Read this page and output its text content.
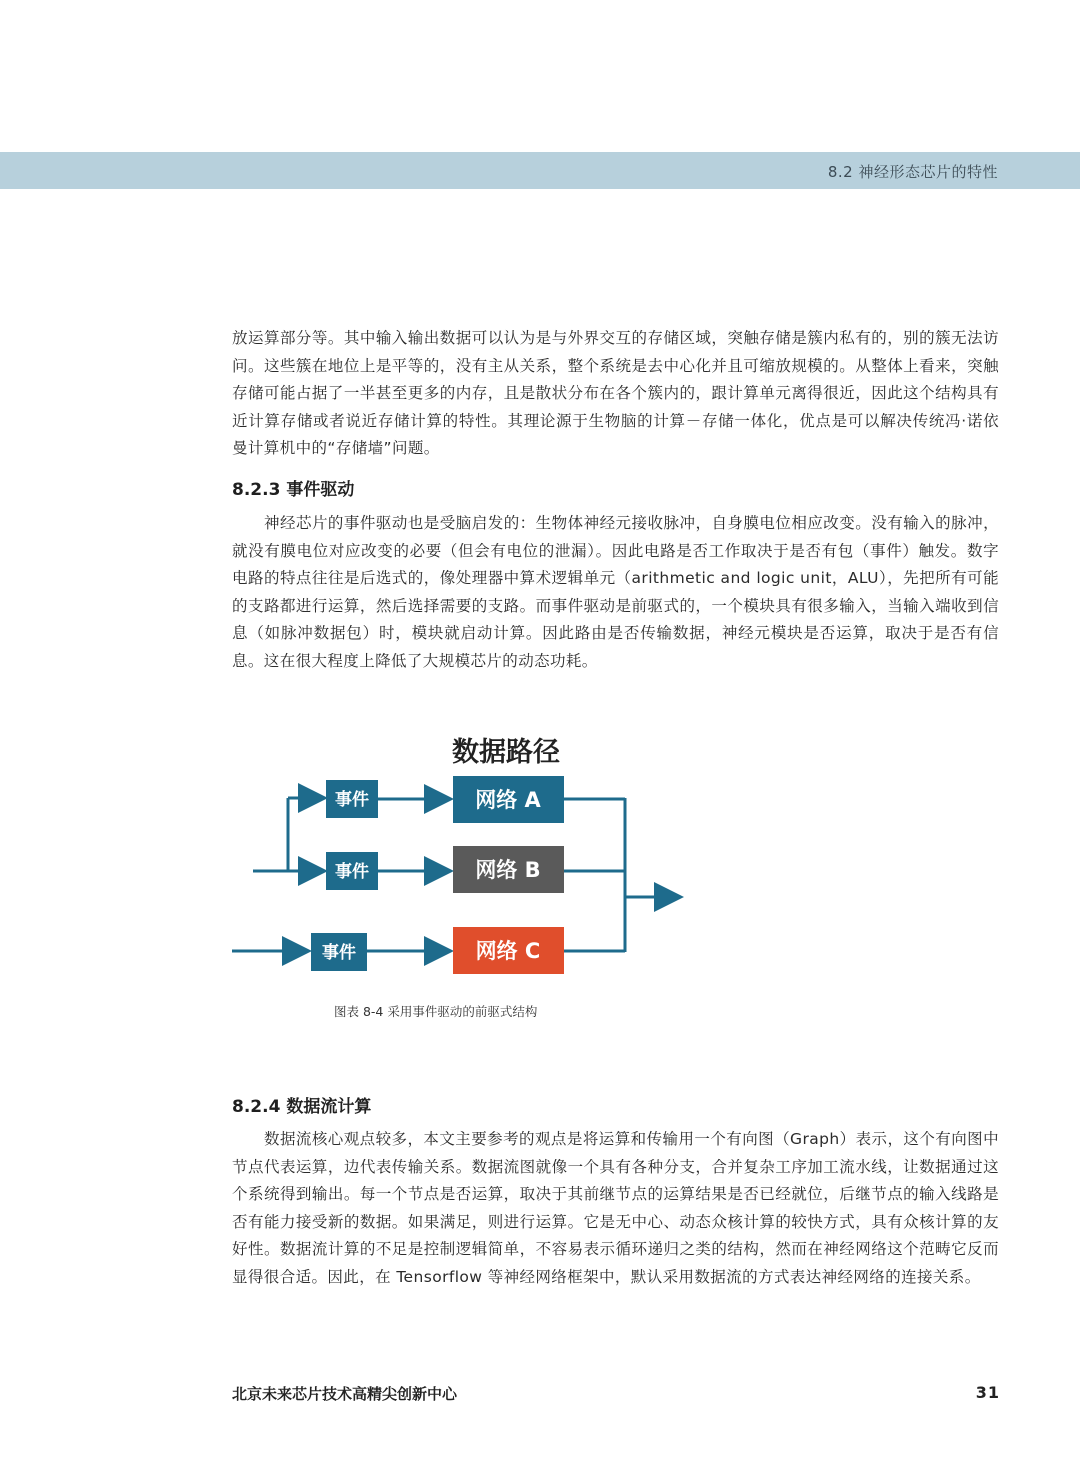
8.2 神经形态芯片的特性

放运算部分等。其中输入输出数据可以认为是与外界交互的存储区域，突触存储是簇内私有的，别的簇无法访问。这些簇在地位上是平等的，没有主从关系，整个系统是去中心化并且可缩放规模的。从整体上看来，突触存储可能占据了一半甚至更多的内存，且是散状分布在各个簇内的，跟计算单元离得很近，因此这个结构具有近计算存储或者说近存储计算的特性。其理论源于生物脑的计算－存储一体化，优点是可以解决传统冯·诺依曼计算机中的“存储墙”问题。

8.2.3 事件驱动

神经芯片的事件驱动也是受脑启发的：生物体神经元接收脉冲，自身膜电位相应改变。没有输入的脉冲，就没有膜电位对应改变的必要（但会有电位的泄漏）。因此电路是否工作取决于是否有包（事件）触发。数字电路的特点往往是后选式的，像处理器中算术逻辑单元（arithmetic and logic unit，ALU），先把所有可能的支路都进行运算，然后选择需要的支路。而事件驱动是前驱式的，一个模块具有很多输入，当输入端收到信息（如脉冲数据包）时，模块就启动计算。因此路由是否传输数据，神经元模块是否运算，取决于是否有信息。这在很大程度上降低了大规模芯片的动态功耗。

数据路径
事件
事件
事件
网络 A
网络 B
网络 C
图表 8-4 采用事件驱动的前驱式结构
8.2.4 数据流计算

数据流核心观点较多，本文主要参考的观点是将运算和传输用一个有向图（Graph）表示，这个有向图中节点代表运算，边代表传输关系。数据流图就像一个具有各种分支，合并复杂工序加工流水线，让数据通过这个系统得到输出。每一个节点是否运算，取决于其前继节点的运算结果是否已经就位，后继节点的输入线路是否有能力接受新的数据。如果满足，则进行运算。它是无中心、动态众核计算的较快方式，具有众核计算的友好性。数据流计算的不足是控制逻辑简单，不容易表示循环递归之类的结构，然而在神经网络这个范畴它反而显得很合适。因此，在 Tensorflow 等神经网络框架中，默认采用数据流的方式表达神经网络的连接关系。

北京未来芯片技术高精尖创新中心	31
